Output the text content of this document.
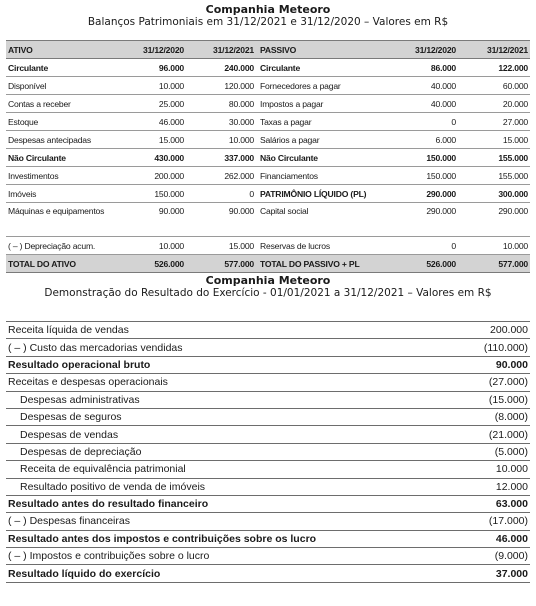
Companhia Meteoro
Balanços Patrimoniais em 31/12/2021 e 31/12/2020 – Valores em R$
ATIVO	31/12/2020	31/12/2021	PASSIVO	31/12/2020	31/12/2021
Circulante	96.000	240.000	Circulante	86.000	122.000
Disponível	10.000	120.000	Fornecedores a pagar	40.000	60.000
Contas a receber	25.000	80.000	Impostos a pagar	40.000	20.000
Estoque	46.000	30.000	Taxas a pagar	0	27.000
Despesas antecipadas	15.000	10.000	Salários a pagar	6.000	15.000
Não Circulante	430.000	337.000	Não Circulante	150.000	155.000
Investimentos	200.000	262.000	Financiamentos	150.000	155.000
Imóveis	150.000	0	PATRIMÔNIO LÍQUIDO (PL)	290.000	300.000
Máquinas e equipamentos	90.000	90.000	Capital social	290.000	290.000
( – ) Depreciação acum.	10.000	15.000	Reservas de lucros	0	10.000
TOTAL DO ATIVO	526.000	577.000	TOTAL DO PASSIVO + PL	526.000	577.000
Companhia Meteoro
Demonstração do Resultado do Exercício - 01/01/2021 a 31/12/2021 – Valores em R$
Receita líquida de vendas	200.000
( – ) Custo das mercadorias vendidas	(110.000)
Resultado operacional bruto	90.000
Receitas e despesas operacionais	(27.000)
Despesas administrativas	(15.000)
Despesas de seguros	(8.000)
Despesas de vendas	(21.000)
Despesas de depreciação	(5.000)
Receita de equivalência patrimonial	10.000
Resultado positivo de venda de imóveis	12.000
Resultado antes do resultado financeiro	63.000
( – ) Despesas financeiras	(17.000)
Resultado antes dos impostos e contribuições sobre os lucro	46.000
( – ) Impostos e contribuições sobre o lucro	(9.000)
Resultado líquido do exercício	37.000
